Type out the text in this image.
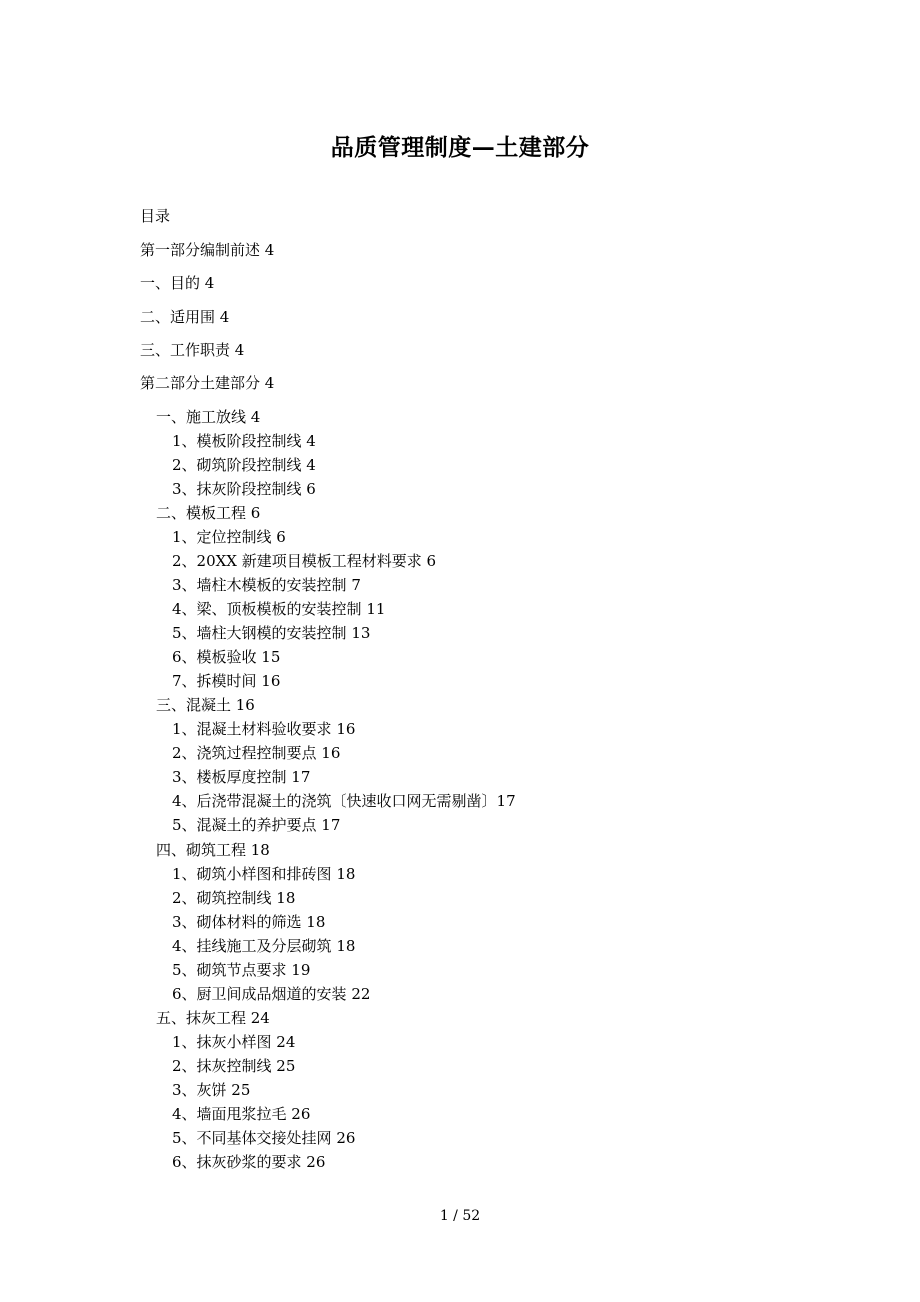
品质管理制度—土建部分
目录
第一部分编制前述 4
一、目的 4
二、适用围 4
三、工作职责 4
第二部分土建部分 4
一、施工放线 4
1、模板阶段控制线 4
2、砌筑阶段控制线 4
3、抹灰阶段控制线 6
二、模板工程 6
1、定位控制线 6
2、20XX 新建项目模板工程材料要求 6
3、墙柱木模板的安装控制 7
4、梁、顶板模板的安装控制 11
5、墙柱大钢模的安装控制 13
6、模板验收 15
7、拆模时间 16
三、混凝土 16
1、混凝土材料验收要求 16
2、浇筑过程控制要点 16
3、楼板厚度控制 17
4、后浇带混凝土的浇筑〔快速收口网无需剔凿〕17
5、混凝土的养护要点 17
四、砌筑工程 18
1、砌筑小样图和排砖图 18
2、砌筑控制线 18
3、砌体材料的筛选 18
4、挂线施工及分层砌筑 18
5、砌筑节点要求 19
6、厨卫间成品烟道的安装 22
五、抹灰工程 24
1、抹灰小样图 24
2、抹灰控制线 25
3、灰饼 25
4、墙面甩浆拉毛 26
5、不同基体交接处挂网 26
6、抹灰砂浆的要求 26
1 / 52
